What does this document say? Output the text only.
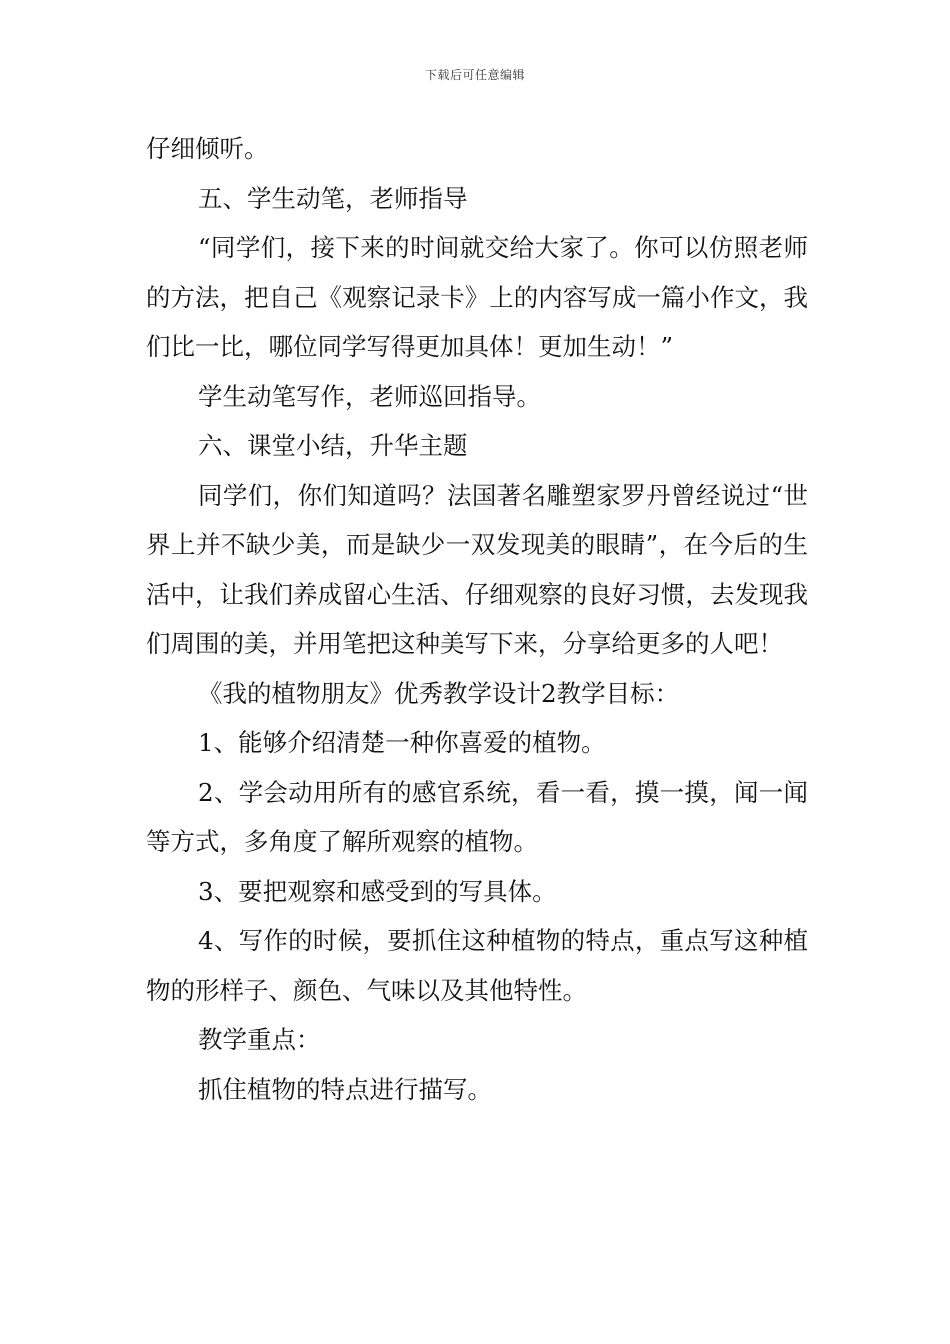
下载后可任意编辑

仔细倾听。

五、学生动笔，老师指导

“同学们，接下来的时间就交给大家了。你可以仿照老师的方法，把自己《观察记录卡》上的内容写成一篇小作文，我们比一比，哪位同学写得更加具体！更加生动！”

学生动笔写作，老师巡回指导。

六、课堂小结，升华主题

同学们，你们知道吗？法国著名雕塑家罗丹曾经说过“世界上并不缺少美，而是缺少一双发现美的眼睛”，在今后的生活中，让我们养成留心生活、仔细观察的良好习惯，去发现我们周围的美，并用笔把这种美写下来，分享给更多的人吧！

《我的植物朋友》优秀教学设计2教学目标：

1、能够介绍清楚一种你喜爱的植物。

2、学会动用所有的感官系统，看一看，摸一摸，闻一闻等方式，多角度了解所观察的植物。

3、要把观察和感受到的写具体。

4、写作的时候，要抓住这种植物的特点，重点写这种植物的形样子、颜色、气味以及其他特性。

教学重点：

抓住植物的特点进行描写。
